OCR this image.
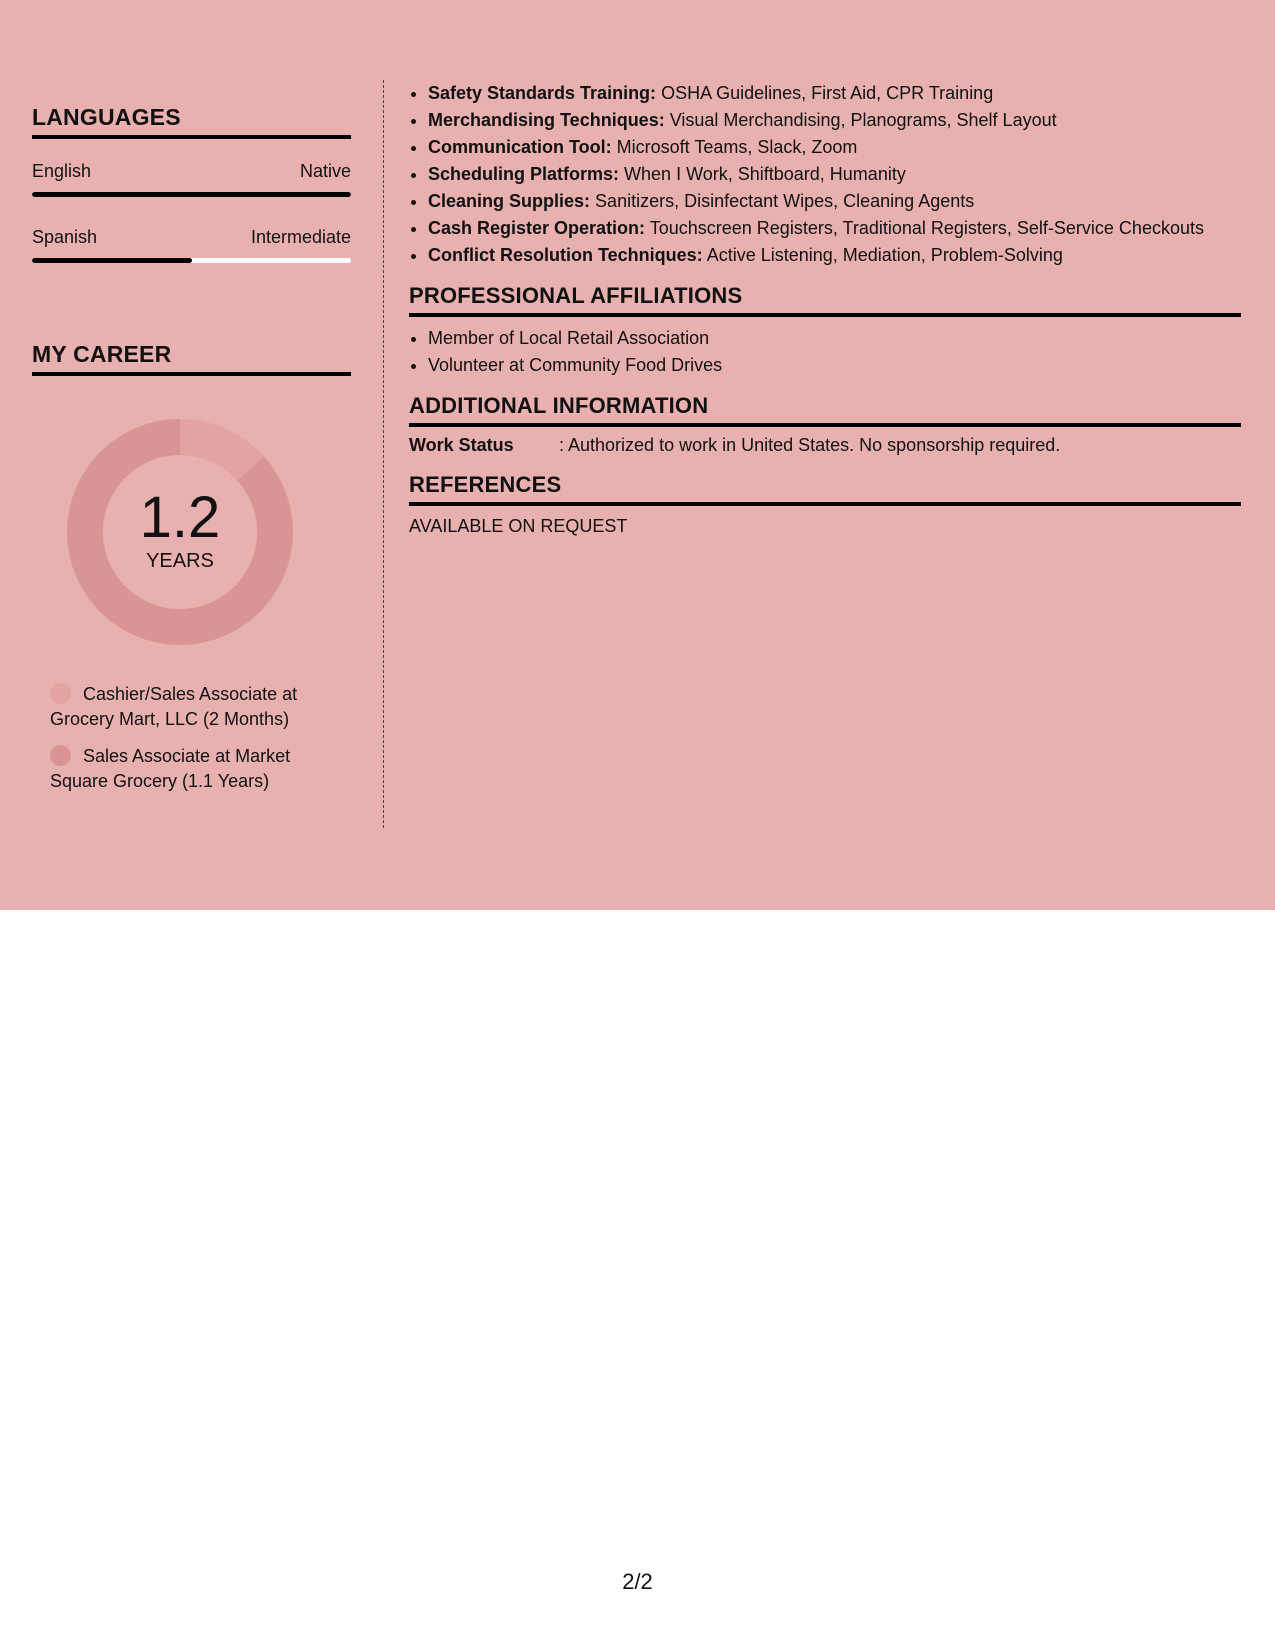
LANGUAGES
English	Native
Spanish	Intermediate
MY CAREER
1.2
YEARS
Cashier/Sales Associate at Grocery Mart, LLC (2 Months)
Sales Associate at Market Square Grocery (1.1 Years)
• Safety Standards Training: OSHA Guidelines, First Aid, CPR Training
• Merchandising Techniques: Visual Merchandising, Planograms, Shelf Layout
• Communication Tool: Microsoft Teams, Slack, Zoom
• Scheduling Platforms: When I Work, Shiftboard, Humanity
• Cleaning Supplies: Sanitizers, Disinfectant Wipes, Cleaning Agents
• Cash Register Operation: Touchscreen Registers, Traditional Registers, Self-Service Checkouts
• Conflict Resolution Techniques: Active Listening, Mediation, Problem-Solving
PROFESSIONAL AFFILIATIONS
• Member of Local Retail Association
• Volunteer at Community Food Drives
ADDITIONAL INFORMATION
Work Status	: Authorized to work in United States. No sponsorship required.
REFERENCES
AVAILABLE ON REQUEST
2/2
